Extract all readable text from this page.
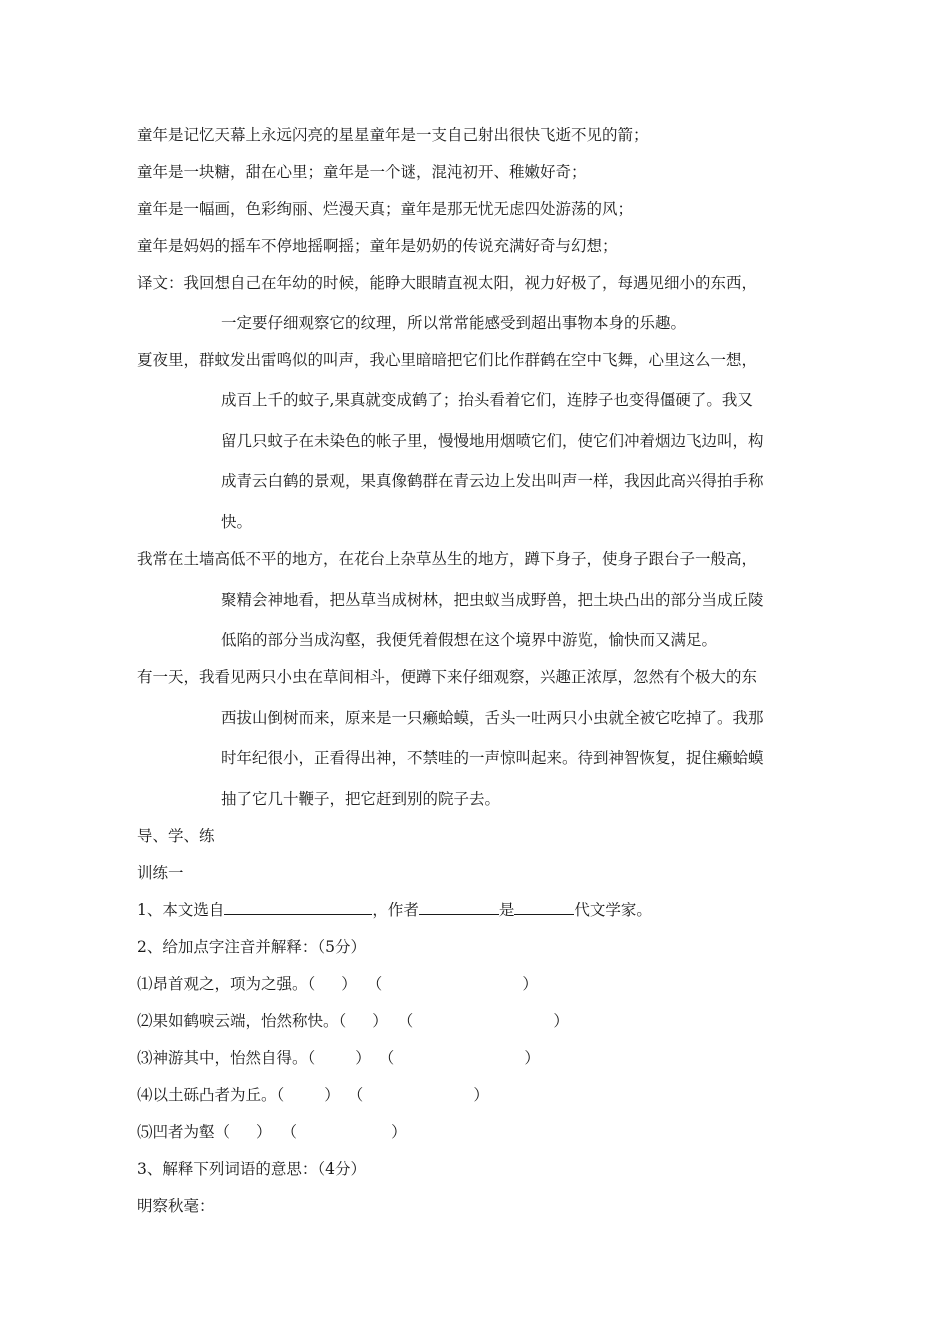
童年是记忆天幕上永远闪亮的星星童年是一支自己射出很快飞逝不见的箭；
童年是一块糖，甜在心里；童年是一个谜，混沌初开、稚嫩好奇；
童年是一幅画，色彩绚丽、烂漫天真；童年是那无忧无虑四处游荡的风；
童年是妈妈的摇车不停地摇啊摇；童年是奶奶的传说充满好奇与幻想；
译文：我回想自己在年幼的时候，能睁大眼睛直视太阳，视力好极了，每遇见细小的东西，
一定要仔细观察它的纹理，所以常常能感受到超出事物本身的乐趣。
夏夜里，群蚊发出雷鸣似的叫声，我心里暗暗把它们比作群鹤在空中飞舞，心里这么一想，
成百上千的蚊子,果真就变成鹤了；抬头看着它们，连脖子也变得僵硬了。我又
留几只蚊子在未染色的帐子里，慢慢地用烟喷它们，使它们冲着烟边飞边叫，构
成青云白鹤的景观，果真像鹤群在青云边上发出叫声一样，我因此高兴得拍手称
快。
我常在土墙高低不平的地方，在花台上杂草丛生的地方，蹲下身子，使身子跟台子一般高，
聚精会神地看，把丛草当成树林，把虫蚁当成野兽，把土块凸出的部分当成丘陵
低陷的部分当成沟壑，我便凭着假想在这个境界中游览，愉快而又满足。
有一天，我看见两只小虫在草间相斗，便蹲下来仔细观察，兴趣正浓厚，忽然有个极大的东
西拔山倒树而来，原来是一只癞蛤蟆，舌头一吐两只小虫就全被它吃掉了。我那
时年纪很小，正看得出神，不禁哇的一声惊叫起来。待到神智恢复，捉住癞蛤蟆
抽了它几十鞭子，把它赶到别的院子去。
导、学、练
训练一
1、本文选自	，作者	是	代文学家。
2、给加点字注音并解释：（5分）
⑴昂首观之，项为之强。（ ） （	）
⑵果如鹤唳云端，怡然称快。（ ） （	）
⑶神游其中，怡然自得。（	） （	）
⑷以土砾凸者为丘。（	） （	）
⑸凹者为壑（ ） （	）
3、解释下列词语的意思：（4分）
明察秋毫：
